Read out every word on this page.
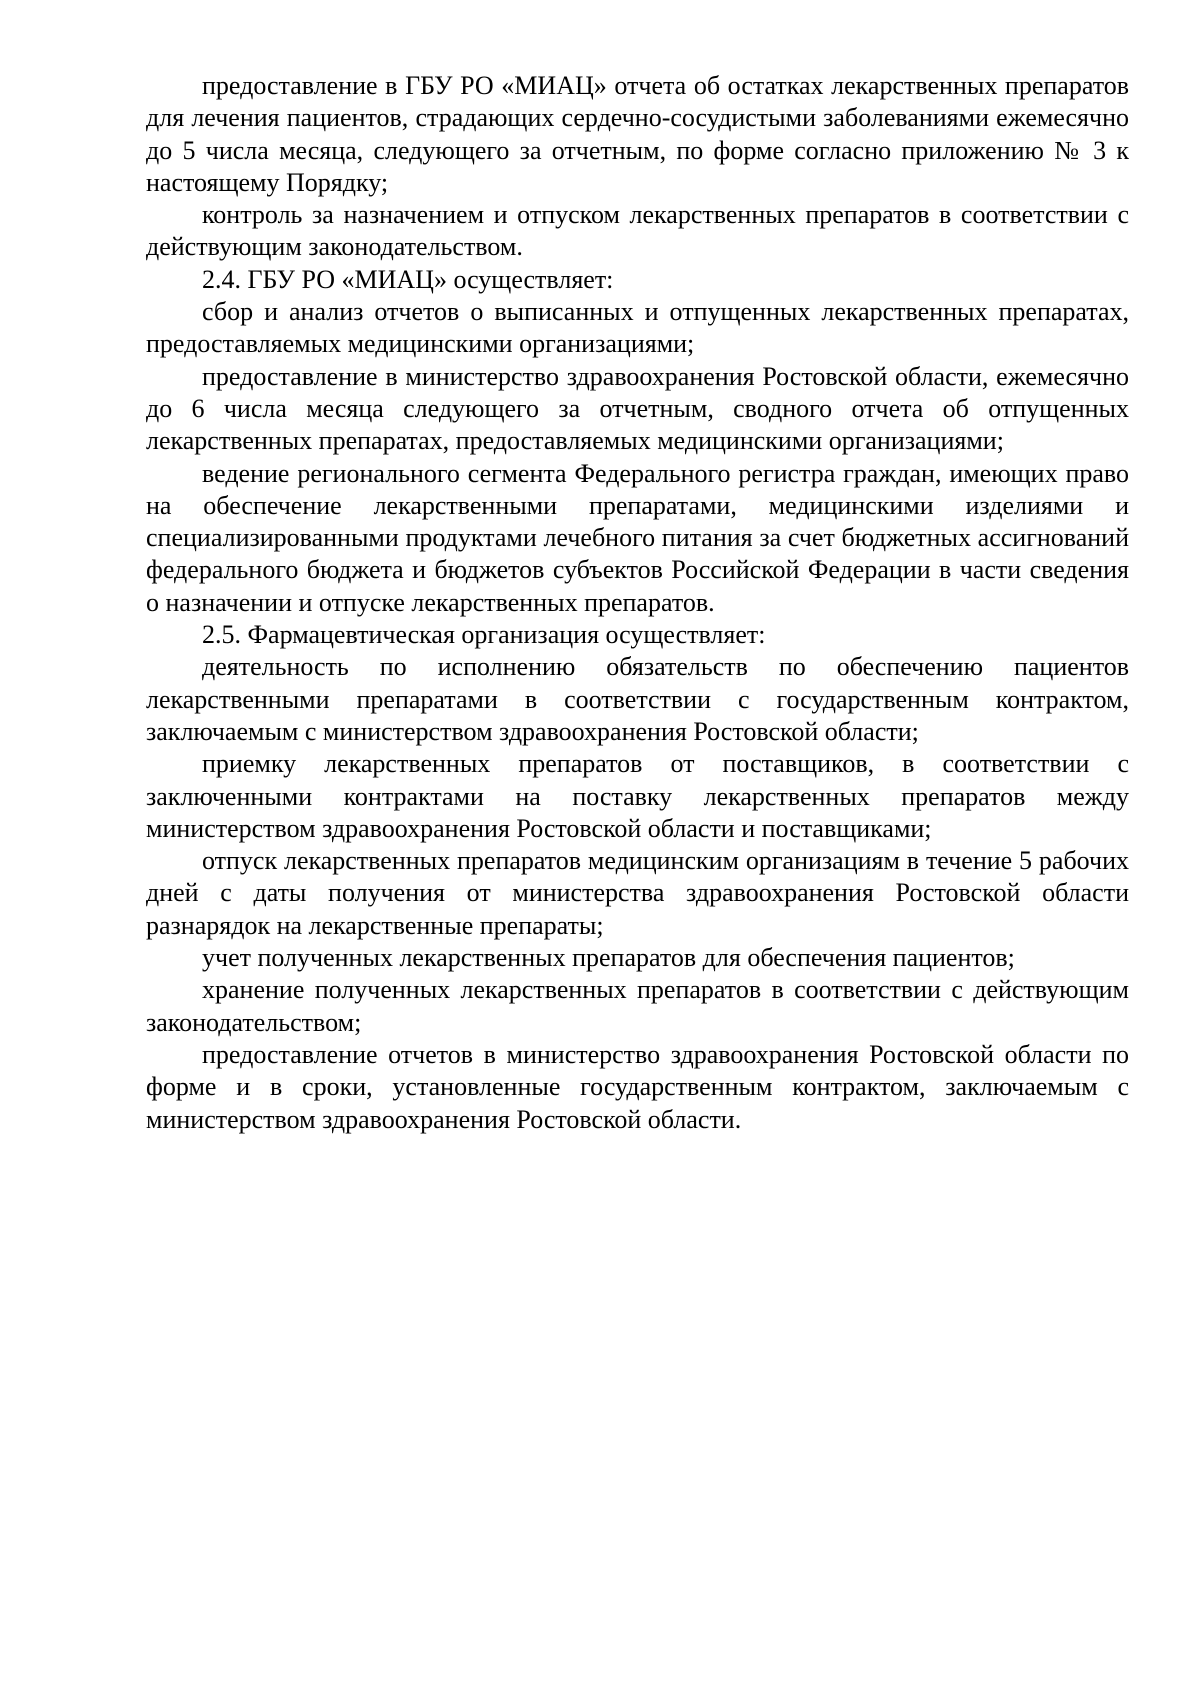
предоставление в ГБУ РО «МИАЦ» отчета об остатках лекарственных препаратов для лечения пациентов, страдающих сердечно-сосудистыми заболеваниями ежемесячно до 5 числа месяца, следующего за отчетным, по форме согласно приложению № 3 к настоящему Порядку;

контроль за назначением и отпуском лекарственных препаратов в соответствии с действующим законодательством.

2.4. ГБУ РО «МИАЦ» осуществляет:

сбор и анализ отчетов о выписанных и отпущенных лекарственных препаратах, предоставляемых медицинскими организациями;

предоставление в министерство здравоохранения Ростовской области, ежемесячно до 6 числа месяца следующего за отчетным, сводного отчета об отпущенных лекарственных препаратах, предоставляемых медицинскими организациями;

ведение регионального сегмента Федерального регистра граждан, имеющих право на обеспечение лекарственными препаратами, медицинскими изделиями и специализированными продуктами лечебного питания за счет бюджетных ассигнований федерального бюджета и бюджетов субъектов Российской Федерации в части сведения о назначении и отпуске лекарственных препаратов.

2.5. Фармацевтическая организация осуществляет:

деятельность по исполнению обязательств по обеспечению пациентов лекарственными препаратами в соответствии с государственным контрактом, заключаемым с министерством здравоохранения Ростовской области;

приемку лекарственных препаратов от поставщиков, в соответствии с заключенными контрактами на поставку лекарственных препаратов между министерством здравоохранения Ростовской области и поставщиками;

отпуск лекарственных препаратов медицинским организациям в течение 5 рабочих дней с даты получения от министерства здравоохранения Ростовской области разнарядок на лекарственные препараты;

учет полученных лекарственных препаратов для обеспечения пациентов;

хранение полученных лекарственных препаратов в соответствии с действующим законодательством;

предоставление отчетов в министерство здравоохранения Ростовской области по форме и в сроки, установленные государственным контрактом, заключаемым с министерством здравоохранения Ростовской области.
